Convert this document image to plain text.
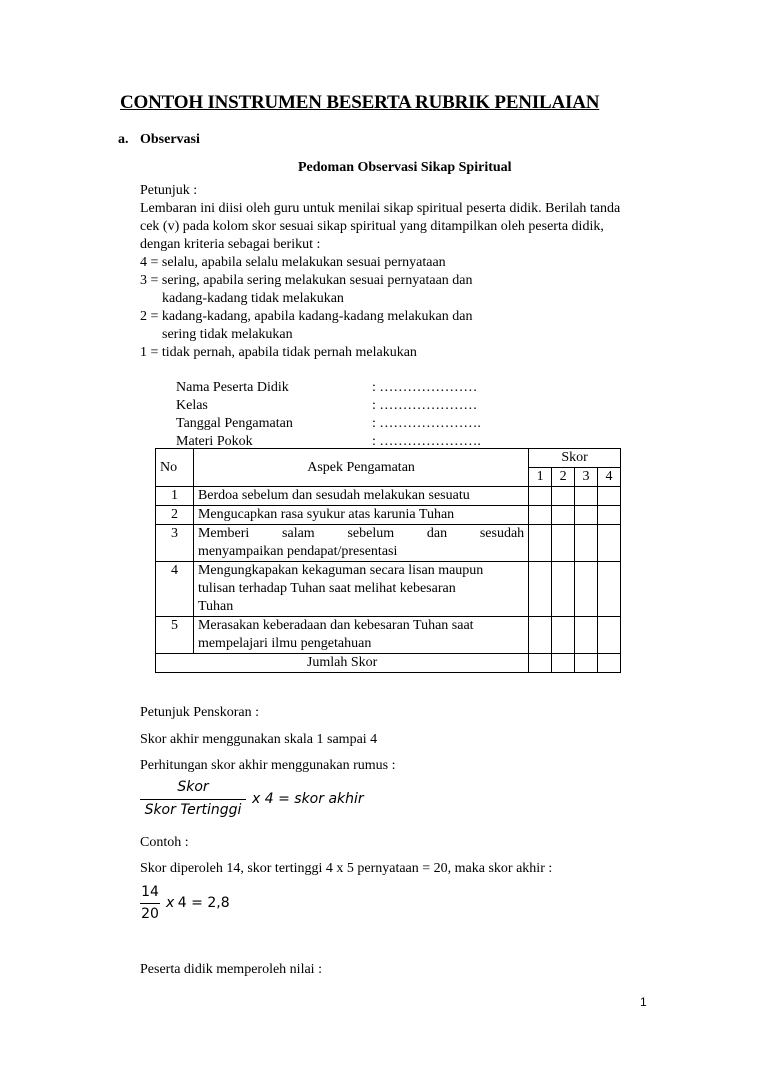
CONTOH INSTRUMEN BESERTA RUBRIK PENILAIAN
a. Observasi
Pedoman Observasi Sikap Spiritual
Petunjuk :
Lembaran ini diisi oleh guru untuk menilai sikap spiritual peserta didik. Berilah tanda
cek (v) pada kolom skor sesuai sikap spiritual yang ditampilkan oleh peserta didik,
dengan kriteria sebagai berikut :
4 = selalu, apabila selalu melakukan sesuai pernyataan
3 = sering, apabila sering melakukan sesuai pernyataan dan
kadang-kadang tidak melakukan
2 = kadang-kadang, apabila kadang-kadang melakukan dan
sering tidak melakukan
1 = tidak pernah, apabila tidak pernah melakukan
Nama Peserta Didik	: …………………
Kelas	: …………………
Tanggal Pengamatan	: ………………….
Materi Pokok	: ………………….
No	Aspek Pengamatan	Skor			
		1	2	3	4
1	Berdoa sebelum dan sesudah melakukan sesuatu				

2	Mengucapkan rasa syukur atas karunia Tuhan				

3	Memberi salam sebelum dan sesudah
menyampaikan pendapat/presentasi				

4	Mengungkapakan kekaguman secara lisan maupun
tulisan terhadap Tuhan saat melihat kebesaran
Tuhan				

5	Merasakan keberadaan dan kebesaran Tuhan saat
mempelajari ilmu pengetahuan				

Jumlah Skor					
Petunjuk Penskoran :
Skor akhir menggunakan skala 1 sampai 4
Perhitungan skor akhir menggunakan rumus :
Skor
Skor Tertinggi
x 4 = skor akhir
Contoh :
Skor diperoleh 14, skor tertinggi 4 x 5 pernyataan = 20, maka skor akhir :
14
20
x 4 = 2,8
Peserta didik memperoleh nilai :
1
